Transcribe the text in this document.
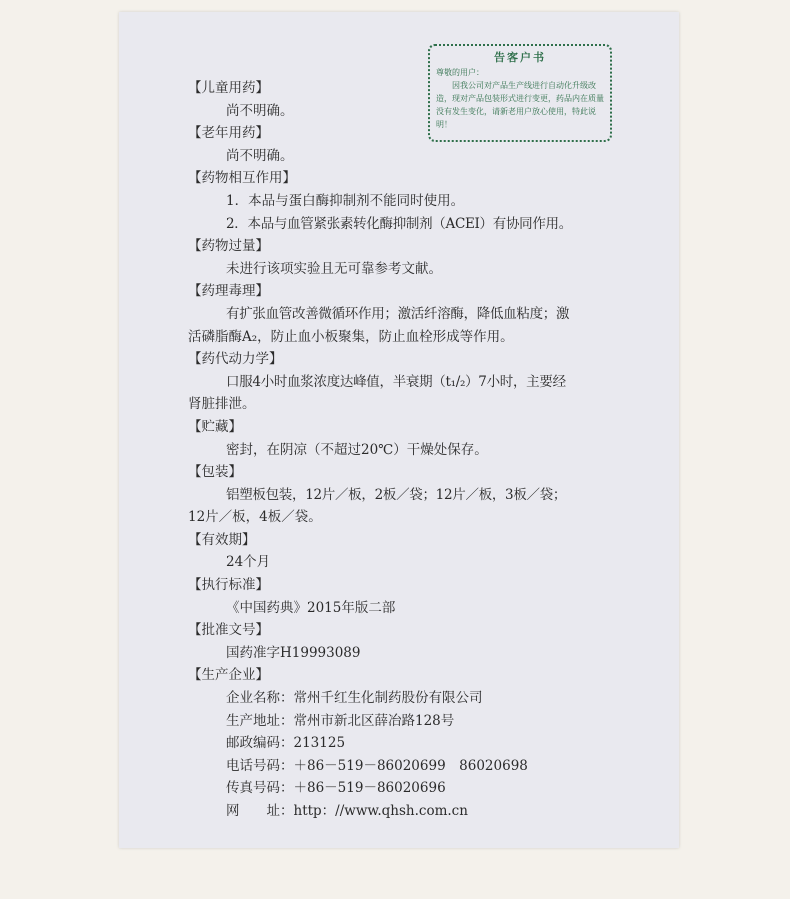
告客户书
尊敬的用户：
因我公司对产品生产线进行自动化升级改造，现对产品包装形式进行变更，药品内在质量没有发生变化，请新老用户放心使用，特此说明！
【儿童用药】
尚不明确。
【老年用药】
尚不明确。
【药物相互作用】
1．本品与蛋白酶抑制剂不能同时使用。
2．本品与血管紧张素转化酶抑制剂（ACEI）有协同作用。
【药物过量】
未进行该项实验且无可靠参考文献。
【药理毒理】
有扩张血管改善微循环作用；激活纤溶酶，降低血粘度；激
活磷脂酶A₂，防止血小板聚集，防止血栓形成等作用。
【药代动力学】
口服4小时血浆浓度达峰值，半衰期（t₁/₂）7小时，主要经
肾脏排泄。
【贮藏】
密封，在阴凉（不超过20℃）干燥处保存。
【包装】
铝塑板包装，12片／板，2板／袋；12片／板，3板／袋；
12片／板，4板／袋。
【有效期】
24个月
【执行标准】
《中国药典》2015年版二部
【批准文号】
国药准字H19993089
【生产企业】
企业名称：常州千红生化制药股份有限公司
生产地址：常州市新北区薛冶路128号
邮政编码：213125
电话号码：＋86－519－86020699　86020698
传真号码：＋86－519－86020696
网　　址：http：//www.qhsh.com.cn
